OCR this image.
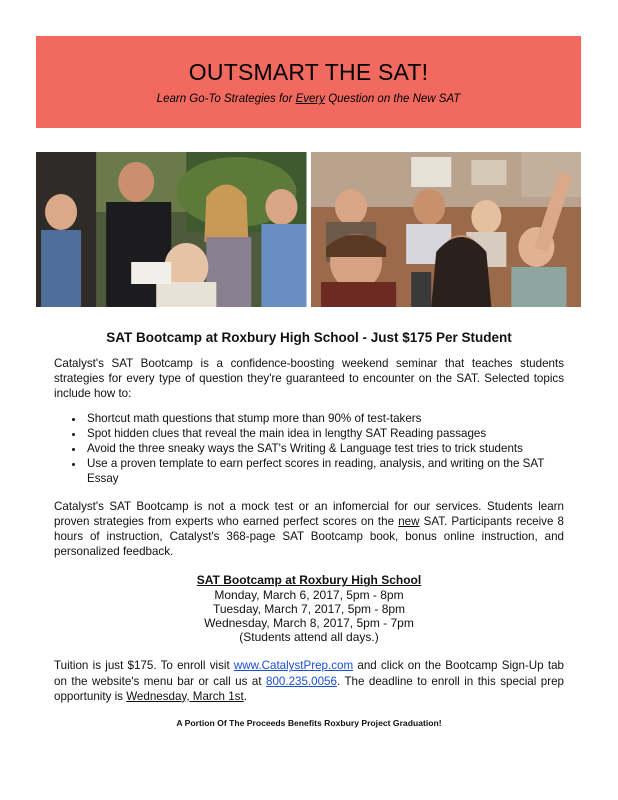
OUTSMART THE SAT!
Learn Go-To Strategies for Every Question on the New SAT
SAT Bootcamp at Roxbury High School - Just $175 Per Student

Catalyst's SAT Bootcamp is a confidence-boosting weekend seminar that teaches students strategies for every type of question they're guaranteed to encounter on the SAT. Selected topics include how to:

• Shortcut math questions that stump more than 90% of test-takers
• Spot hidden clues that reveal the main idea in lengthy SAT Reading passages
• Avoid the three sneaky ways the SAT's Writing & Language test tries to trick students
• Use a proven template to earn perfect scores in reading, analysis, and writing on the SAT Essay

Catalyst's SAT Bootcamp is not a mock test or an infomercial for our services. Students learn proven strategies from experts who earned perfect scores on the new SAT. Participants receive 8 hours of instruction, Catalyst's 368-page SAT Bootcamp book, bonus online instruction, and personalized feedback.

SAT Bootcamp at Roxbury High School
Monday, March 6, 2017, 5pm - 8pm
Tuesday, March 7, 2017, 5pm - 8pm
Wednesday, March 8, 2017, 5pm - 7pm
(Students attend all days.)

Tuition is just $175. To enroll visit www.CatalystPrep.com and click on the Bootcamp Sign-Up tab on the website's menu bar or call us at 800.235.0056. The deadline to enroll in this special prep opportunity is Wednesday, March 1st.

A Portion Of The Proceeds Benefits Roxbury Project Graduation!
